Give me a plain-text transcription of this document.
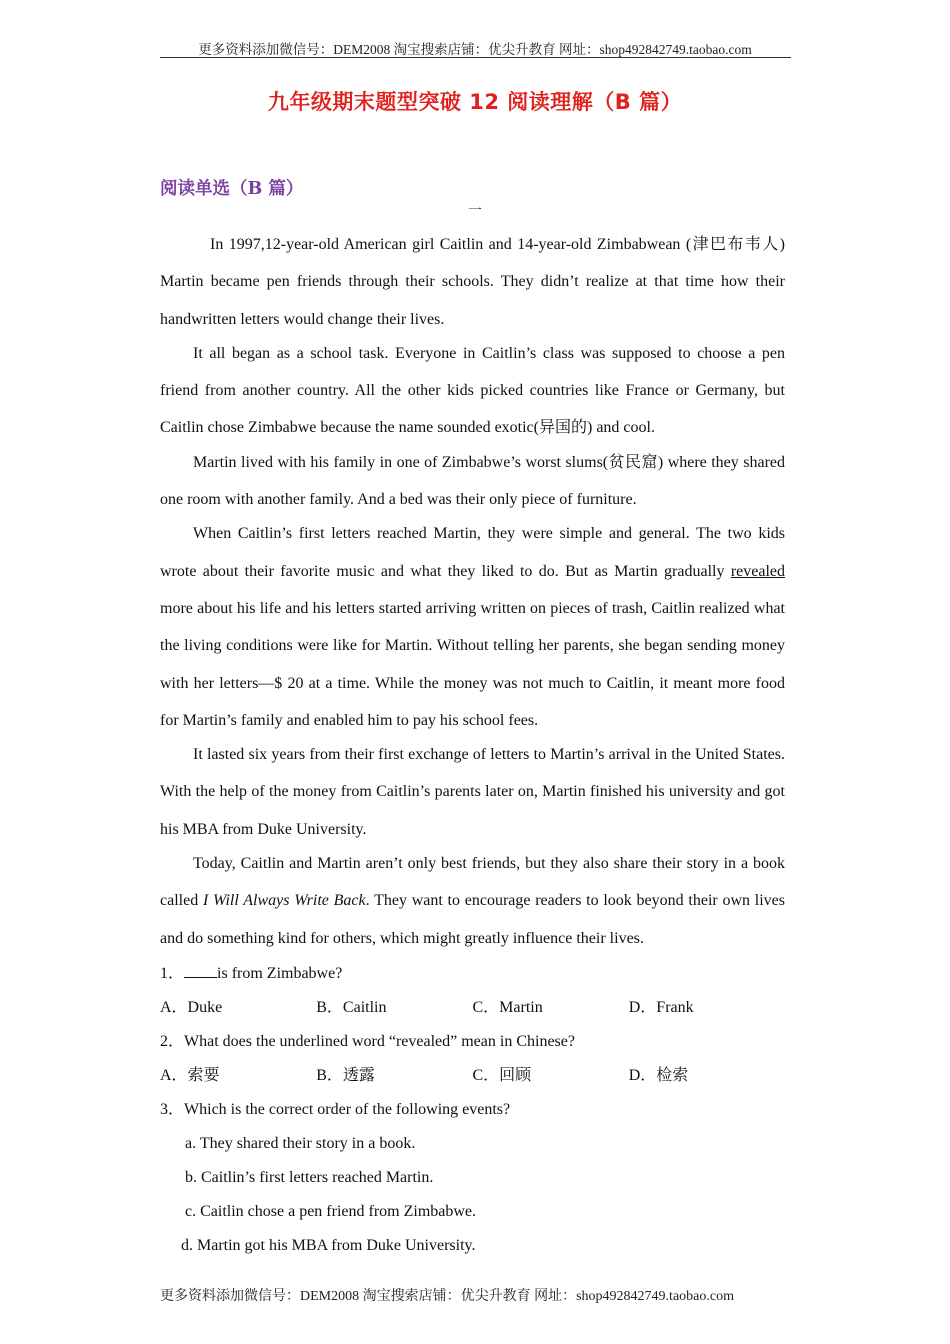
更多资料添加微信号：DEM2008 淘宝搜索店铺：优尖升教育 网址：shop492842749.taobao.com
九年级期末题型突破 12 阅读理解（B 篇）
阅读单选（B 篇）
一

In 1997,12-year-old American girl Caitlin and 14-year-old Zimbabwean (津巴布韦人) Martin became pen friends through their schools. They didn’t realize at that time how their handwritten letters would change their lives.

It all began as a school task. Everyone in Caitlin’s class was supposed to choose a pen friend from another country. All the other kids picked countries like France or Germany, but Caitlin chose Zimbabwe because the name sounded exotic(异国的) and cool.

Martin lived with his family in one of Zimbabwe’s worst slums(贫民窟) where they shared one room with another family. And a bed was their only piece of furniture.

When Caitlin’s first letters reached Martin, they were simple and general. The two kids wrote about their favorite music and what they liked to do. But as Martin gradually revealed more about his life and his letters started arriving written on pieces of trash, Caitlin realized what the living conditions were like for Martin. Without telling her parents, she began sending money with her letters—$ 20 at a time. While the money was not much to Caitlin, it meant more food for Martin’s family and enabled him to pay his school fees.

It lasted six years from their first exchange of letters to Martin’s arrival in the United States. With the help of the money from Caitlin’s parents later on, Martin finished his university and got his MBA from Duke University.

Today, Caitlin and Martin aren’t only best friends, but they also share their story in a book called I Will Always Write Back. They want to encourage readers to look beyond their own lives and do something kind for others, which might greatly influence their lives.

1． is from Zimbabwe?

A．Duke	B．Caitlin	C．Martin	D．Frank

2．What does the underlined word “revealed” mean in Chinese?

A．索要	B．透露	C．回顾	D．检索

3．Which is the correct order of the following events?

a. They shared their story in a book.

b. Caitlin’s first letters reached Martin.

c. Caitlin chose a pen friend from Zimbabwe.

d. Martin got his MBA from Duke University.

更多资料添加微信号：DEM2008 淘宝搜索店铺：优尖升教育 网址：shop492842749.taobao.com
